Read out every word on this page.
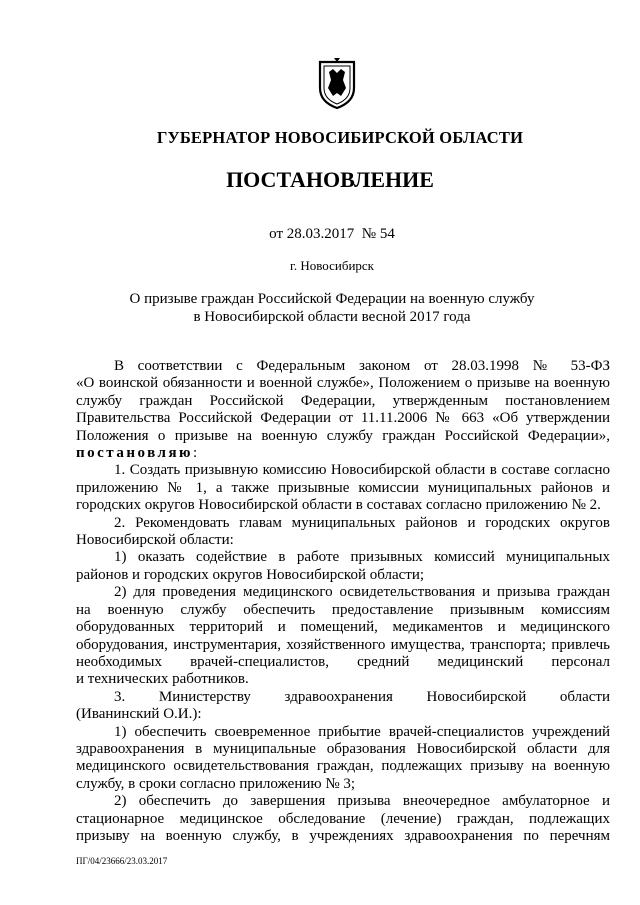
ГУБЕРНАТОР НОВОСИБИРСКОЙ ОБЛАСТИ
ПОСТАНОВЛЕНИЕ
от 28.03.2017  № 54
г. Новосибирск
О призыве граждан Российской Федерации на военную службу
в Новосибирской области весной 2017 года

В соответствии с Федеральным законом от 28.03.1998 № 53-ФЗ

«О воинской обязанности и военной службе», Положением о призыве на военную

службу граждан Российской Федерации, утвержденным постановлением

Правительства Российской Федерации от 11.11.2006 № 663 «Об утверждении

Положения о призыве на военную службу граждан Российской Федерации»,

постановляю:

1. Создать призывную комиссию Новосибирской области в составе согласно

приложению № 1, а также призывные комиссии муниципальных районов и

городских округов Новосибирской области в составах согласно приложению № 2.

2. Рекомендовать главам муниципальных районов и городских округов

Новосибирской области:

1) оказать содействие в работе призывных комиссий муниципальных

районов и городских округов Новосибирской области;

2) для проведения медицинского освидетельствования и призыва граждан

на военную службу обеспечить предоставление призывным комиссиям

оборудованных территорий и помещений, медикаментов и медицинского

оборудования, инструментария, хозяйственного имущества, транспорта; привлечь

необходимых врачей-специалистов, средний медицинский персонал

и технических работников.

3. Министерству здравоохранения Новосибирской области

(Иванинский О.И.):

1) обеспечить своевременное прибытие врачей-специалистов учреждений

здравоохранения в муниципальные образования Новосибирской области для

медицинского освидетельствования граждан, подлежащих призыву на военную

службу, в сроки согласно приложению № 3;

2) обеспечить до завершения призыва внеочередное амбулаторное и

стационарное медицинское обследование (лечение) граждан, подлежащих

призыву на военную службу, в учреждениях здравоохранения по перечням

ПГ/04/23666/23.03.2017
